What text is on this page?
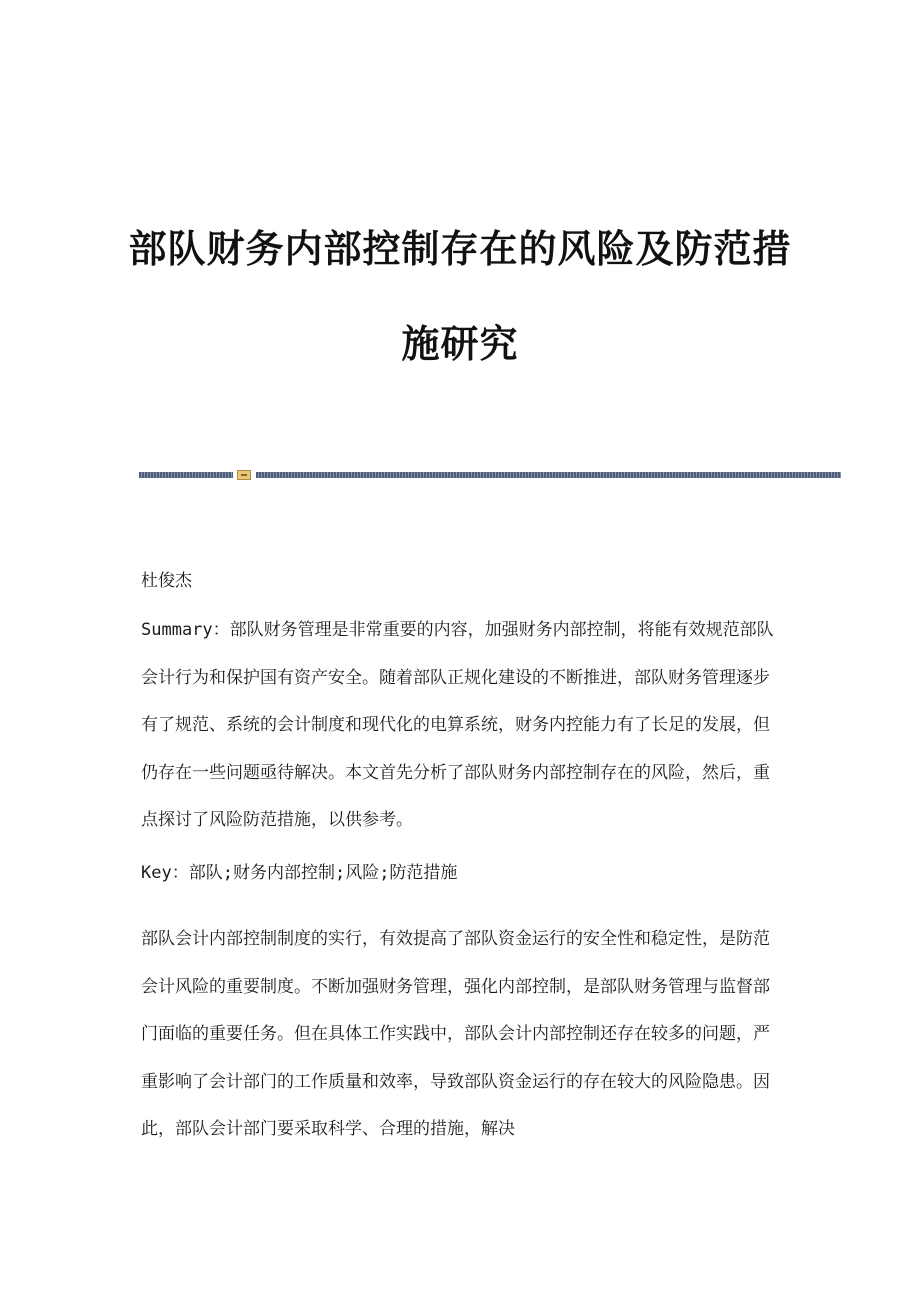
部队财务内部控制存在的风险及防范措
施研究

杜俊杰

Summary：部队财务管理是非常重要的内容，加强财务内部控制，将能有效规范部队会计行为和保护国有资产安全。随着部队正规化建设的不断推进，部队财务管理逐步有了规范、系统的会计制度和现代化的电算系统，财务内控能力有了长足的发展，但仍存在一些问题亟待解决。本文首先分析了部队财务内部控制存在的风险，然后，重点探讨了风险防范措施，以供参考。

Key：部队;财务内部控制;风险;防范措施

部队会计内部控制制度的实行，有效提高了部队资金运行的安全性和稳定性，是防范会计风险的重要制度。不断加强财务管理，强化内部控制，是部队财务管理与监督部门面临的重要任务。但在具体工作实践中，部队会计内部控制还存在较多的问题，严重影响了会计部门的工作质量和效率，导致部队资金运行的存在较大的风险隐患。因此，部队会计部门要采取科学、合理的措施，解决
